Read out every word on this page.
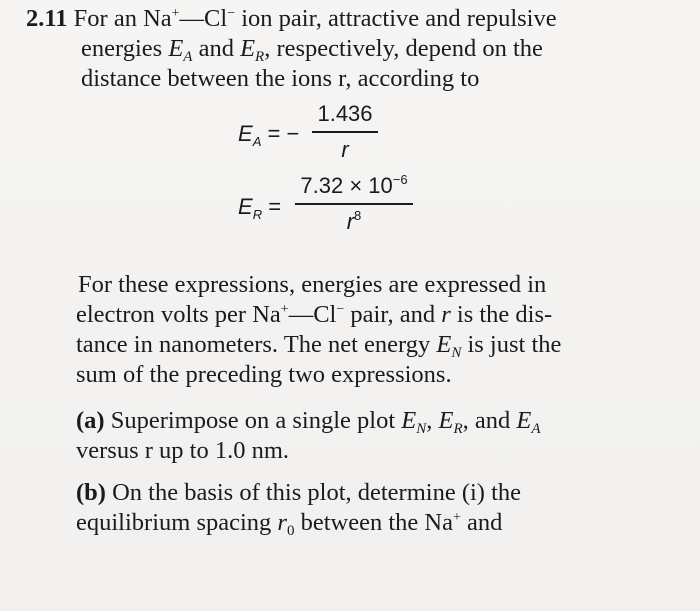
2.11 For an Na+—Cl− ion pair, attractive and repulsive
energies $E_A$ and $E_R$, respectively, depend on the
distance between the ions r, according to
$E_A$ = −
1.436
r
$E_R$ =
$7.32 \times 10^{-6}$
$r^8$
For these expressions, energies are expressed in
electron volts per Na+—Cl− pair, and r is the dis-
tance in nanometers. The net energy $E_N$ is just the
sum of the preceding two expressions.
(a) Superimpose on a single plot $E_N$, $E_R$, and $E_A$
versus r up to 1.0 nm.
(b) On the basis of this plot, determine (i) the
equilibrium spacing $r_0$ between the Na+ and
